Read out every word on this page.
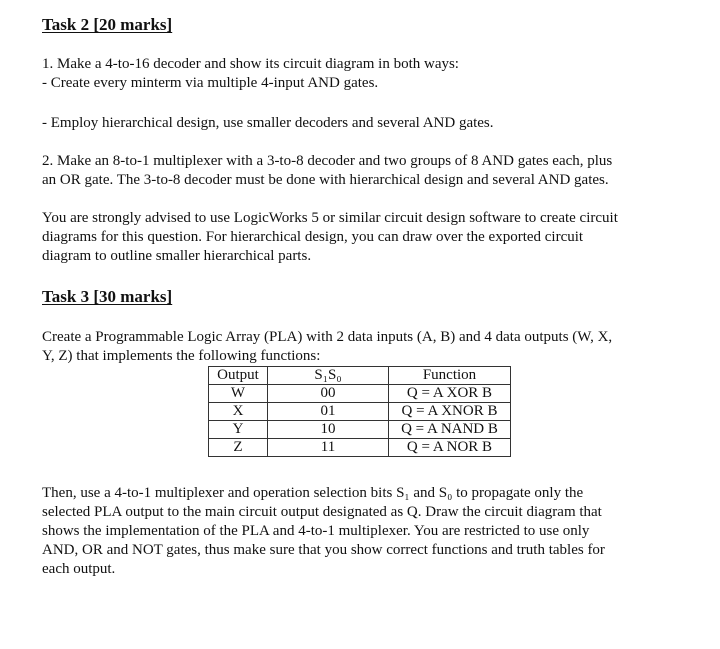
Task 2 [20 marks]
1. Make a 4-to-16 decoder and show its circuit diagram in both ways:
- Create every minterm via multiple 4-input AND gates.
- Employ hierarchical design, use smaller decoders and several AND gates.
2. Make an 8-to-1 multiplexer with a 3-to-8 decoder and two groups of 8 AND gates each, plus
an OR gate. The 3-to-8 decoder must be done with hierarchical design and several AND gates.
You are strongly advised to use LogicWorks 5 or similar circuit design software to create circuit
diagrams for this question. For hierarchical design, you can draw over the exported circuit
diagram to outline smaller hierarchical parts.
Task 3 [30 marks]
Create a Programmable Logic Array (PLA) with 2 data inputs (A, B) and 4 data outputs (W, X,
Y, Z) that implements the following functions:
Output	S₁S₀	Function
W	00	Q = A XOR B
X	01	Q = A XNOR B
Y	10	Q = A NAND B
Z	11	Q = A NOR B
Then, use a 4-to-1 multiplexer and operation selection bits S₁ and S₀ to propagate only the
selected PLA output to the main circuit output designated as Q. Draw the circuit diagram that
shows the implementation of the PLA and 4-to-1 multiplexer. You are restricted to use only
AND, OR and NOT gates, thus make sure that you show correct functions and truth tables for
each output.
